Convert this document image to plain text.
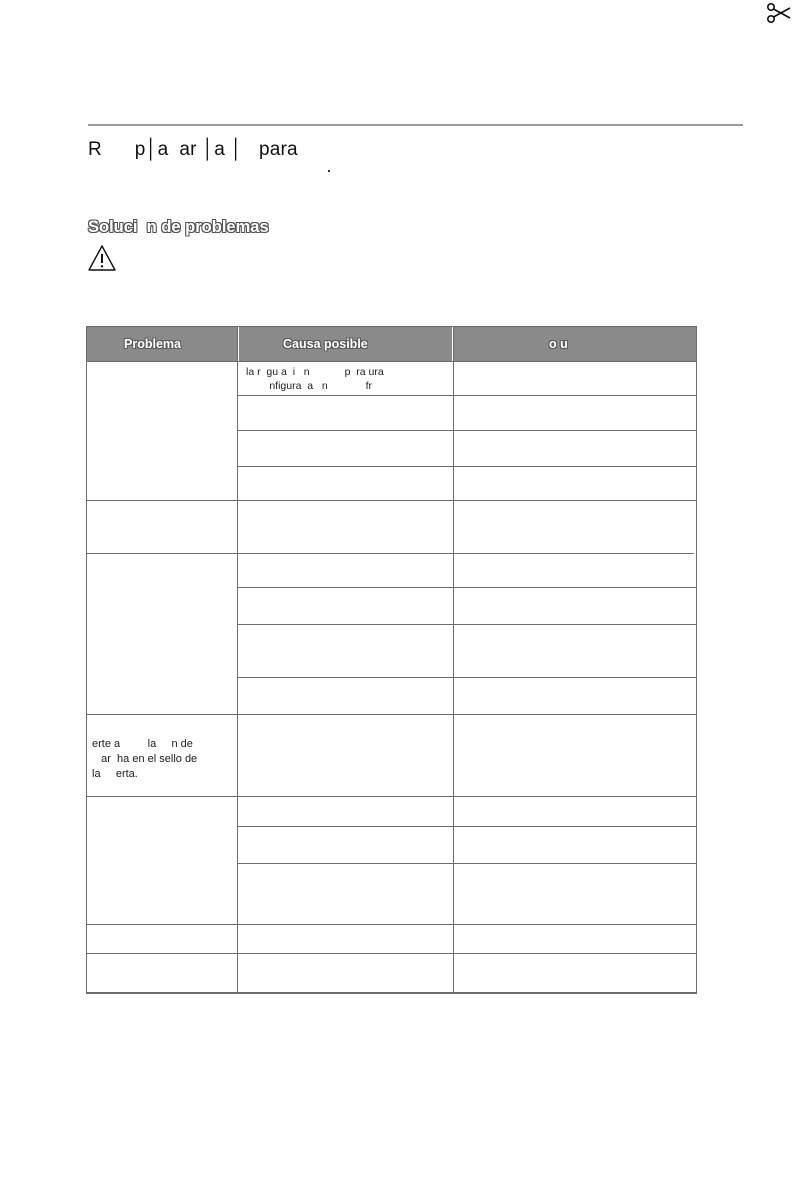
R      p│a  ar │a │   para
Soluci  n de problemas
Problema	Causa posible	o u
la r  gu a  i   n            p  ra ura
nfigura  a   n             fr
erte a         la     n de
ar  ha en el sello de
la     erta.
